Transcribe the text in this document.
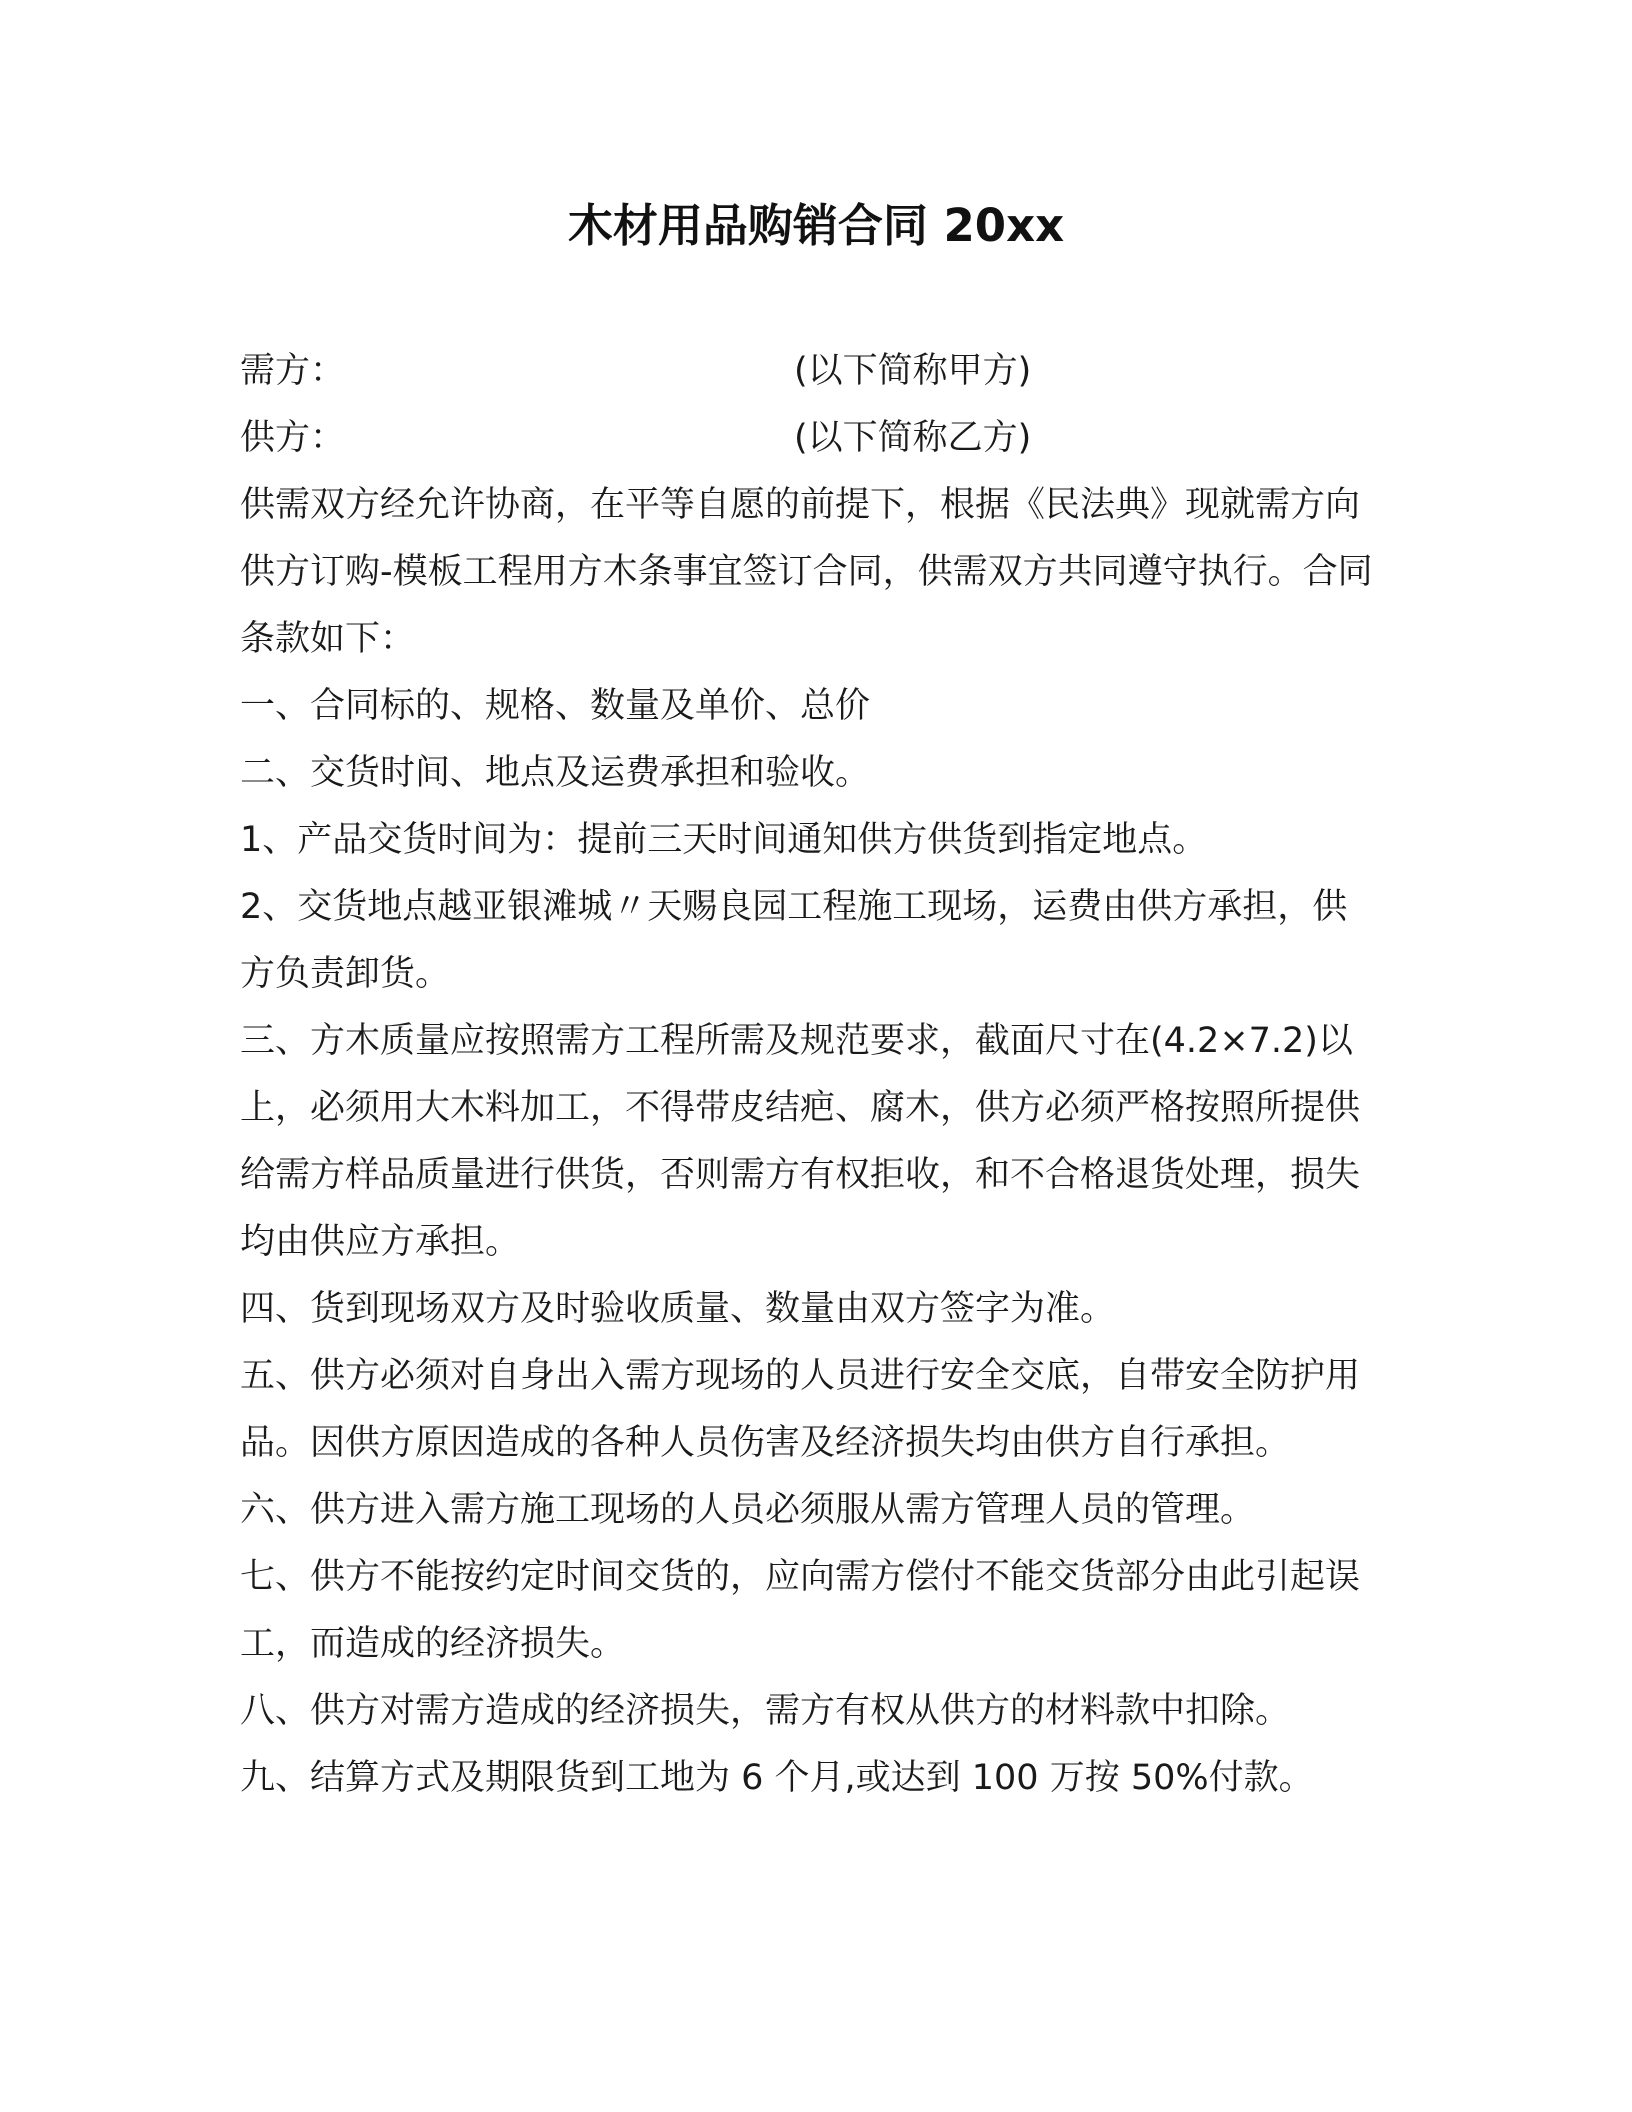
木材用品购销合同 20xx
需方：	(以下简称甲方)
供方：	(以下简称乙方)

供需双方经允许协商，在平等自愿的前提下，根据《民法典》现就需方向供方订购-模板工程用方木条事宜签订合同，供需双方共同遵守执行。合同条款如下：

一、合同标的、规格、数量及单价、总价

二、交货时间、地点及运费承担和验收。

1、产品交货时间为：提前三天时间通知供方供货到指定地点。

2、交货地点越亚银滩城〃天赐良园工程施工现场，运费由供方承担，供方负责卸货。

三、方木质量应按照需方工程所需及规范要求，截面尺寸在(4.2×7.2)以上，必须用大木料加工，不得带皮结疤、腐木，供方必须严格按照所提供给需方样品质量进行供货，否则需方有权拒收，和不合格退货处理，损失均由供应方承担。

四、货到现场双方及时验收质量、数量由双方签字为准。

五、供方必须对自身出入需方现场的人员进行安全交底，自带安全防护用品。因供方原因造成的各种人员伤害及经济损失均由供方自行承担。

六、供方进入需方施工现场的人员必须服从需方管理人员的管理。

七、供方不能按约定时间交货的，应向需方偿付不能交货部分由此引起误工，而造成的经济损失。

八、供方对需方造成的经济损失，需方有权从供方的材料款中扣除。

九、结算方式及期限货到工地为 6 个月,或达到 100 万按 50%付款。
